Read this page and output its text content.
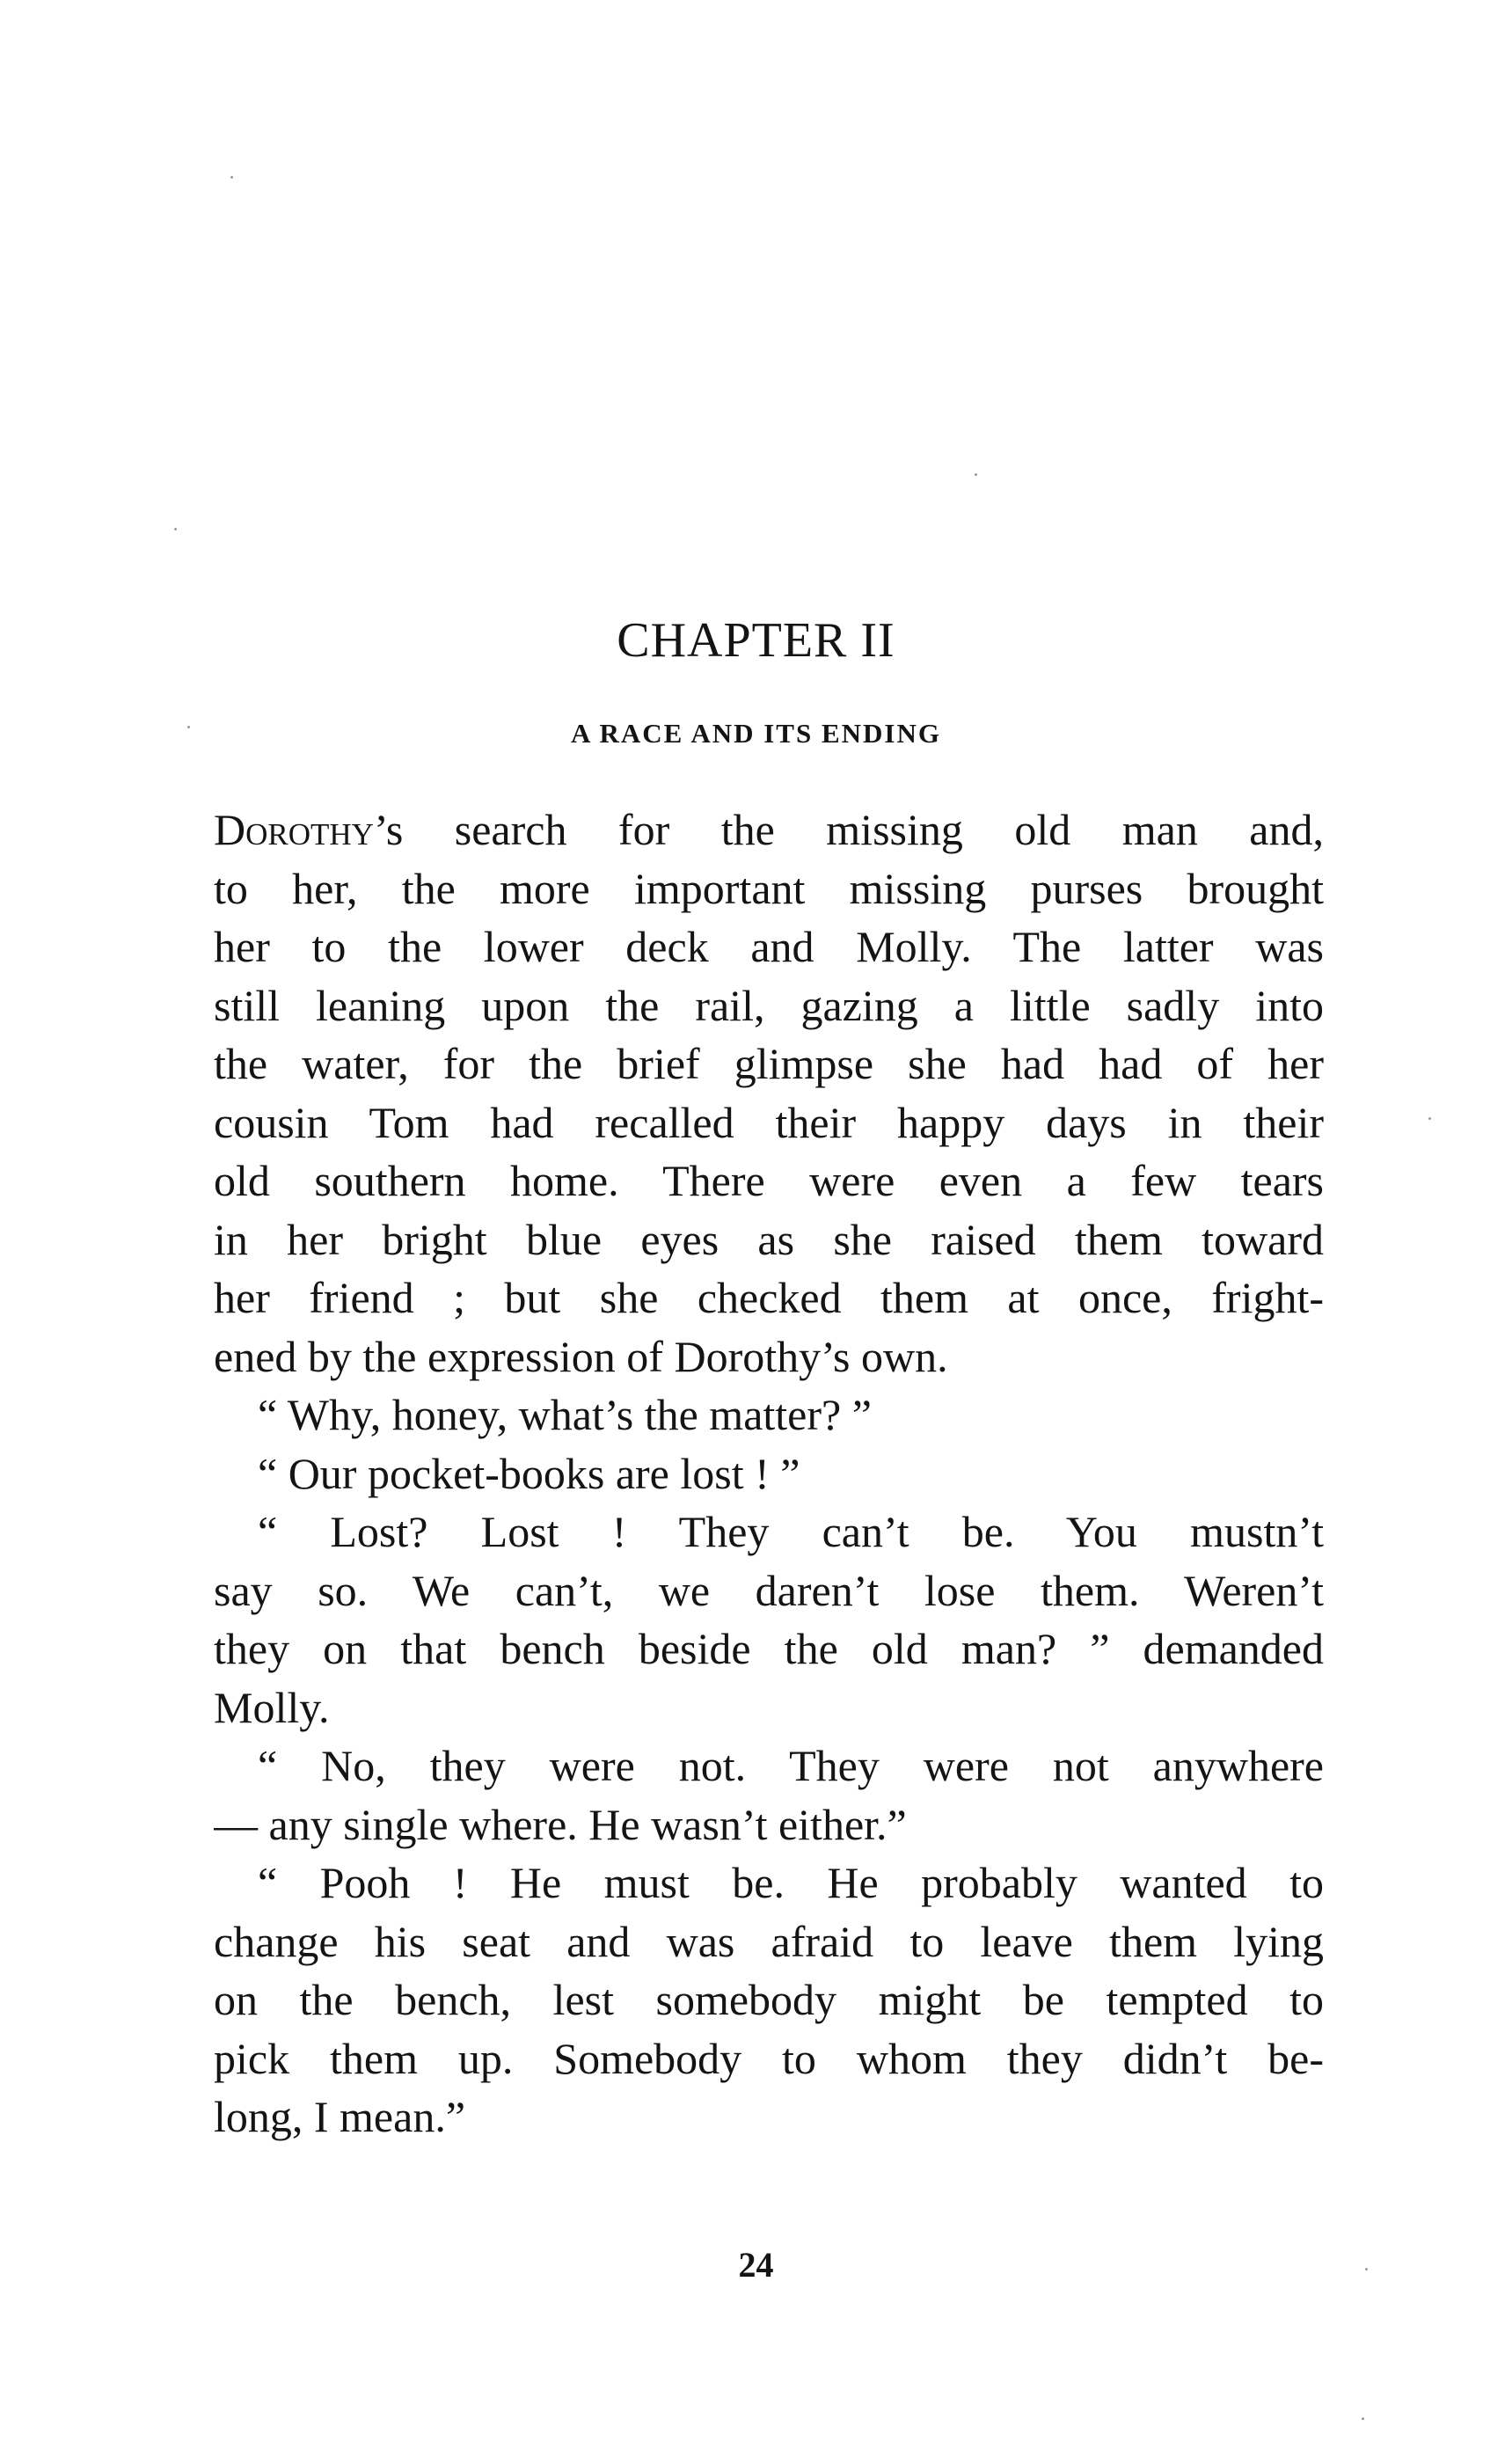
CHAPTER II
A RACE AND ITS ENDING
Dorothy’s search for the missing old man and,
to her, the more important missing purses brought
her to the lower deck and Molly. The latter was
still leaning upon the rail, gazing a little sadly into
the water, for the brief glimpse she had had of her
cousin Tom had recalled their happy days in their
old southern home. There were even a few tears
in her bright blue eyes as she raised them toward
her friend ; but she checked them at once, fright-
ened by the expression of Dorothy’s own.
“ Why, honey, what’s the matter? ”
“ Our pocket-books are lost ! ”
“ Lost? Lost ! They can’t be. You mustn’t
say so. We can’t, we daren’t lose them. Weren’t
they on that bench beside the old man? ” demanded
Molly.
“ No, they were not. They were not anywhere
— any single where. He wasn’t either.”
“ Pooh ! He must be. He probably wanted to
change his seat and was afraid to leave them lying
on the bench, lest somebody might be tempted to
pick them up. Somebody to whom they didn’t be-
long, I mean.”
24
